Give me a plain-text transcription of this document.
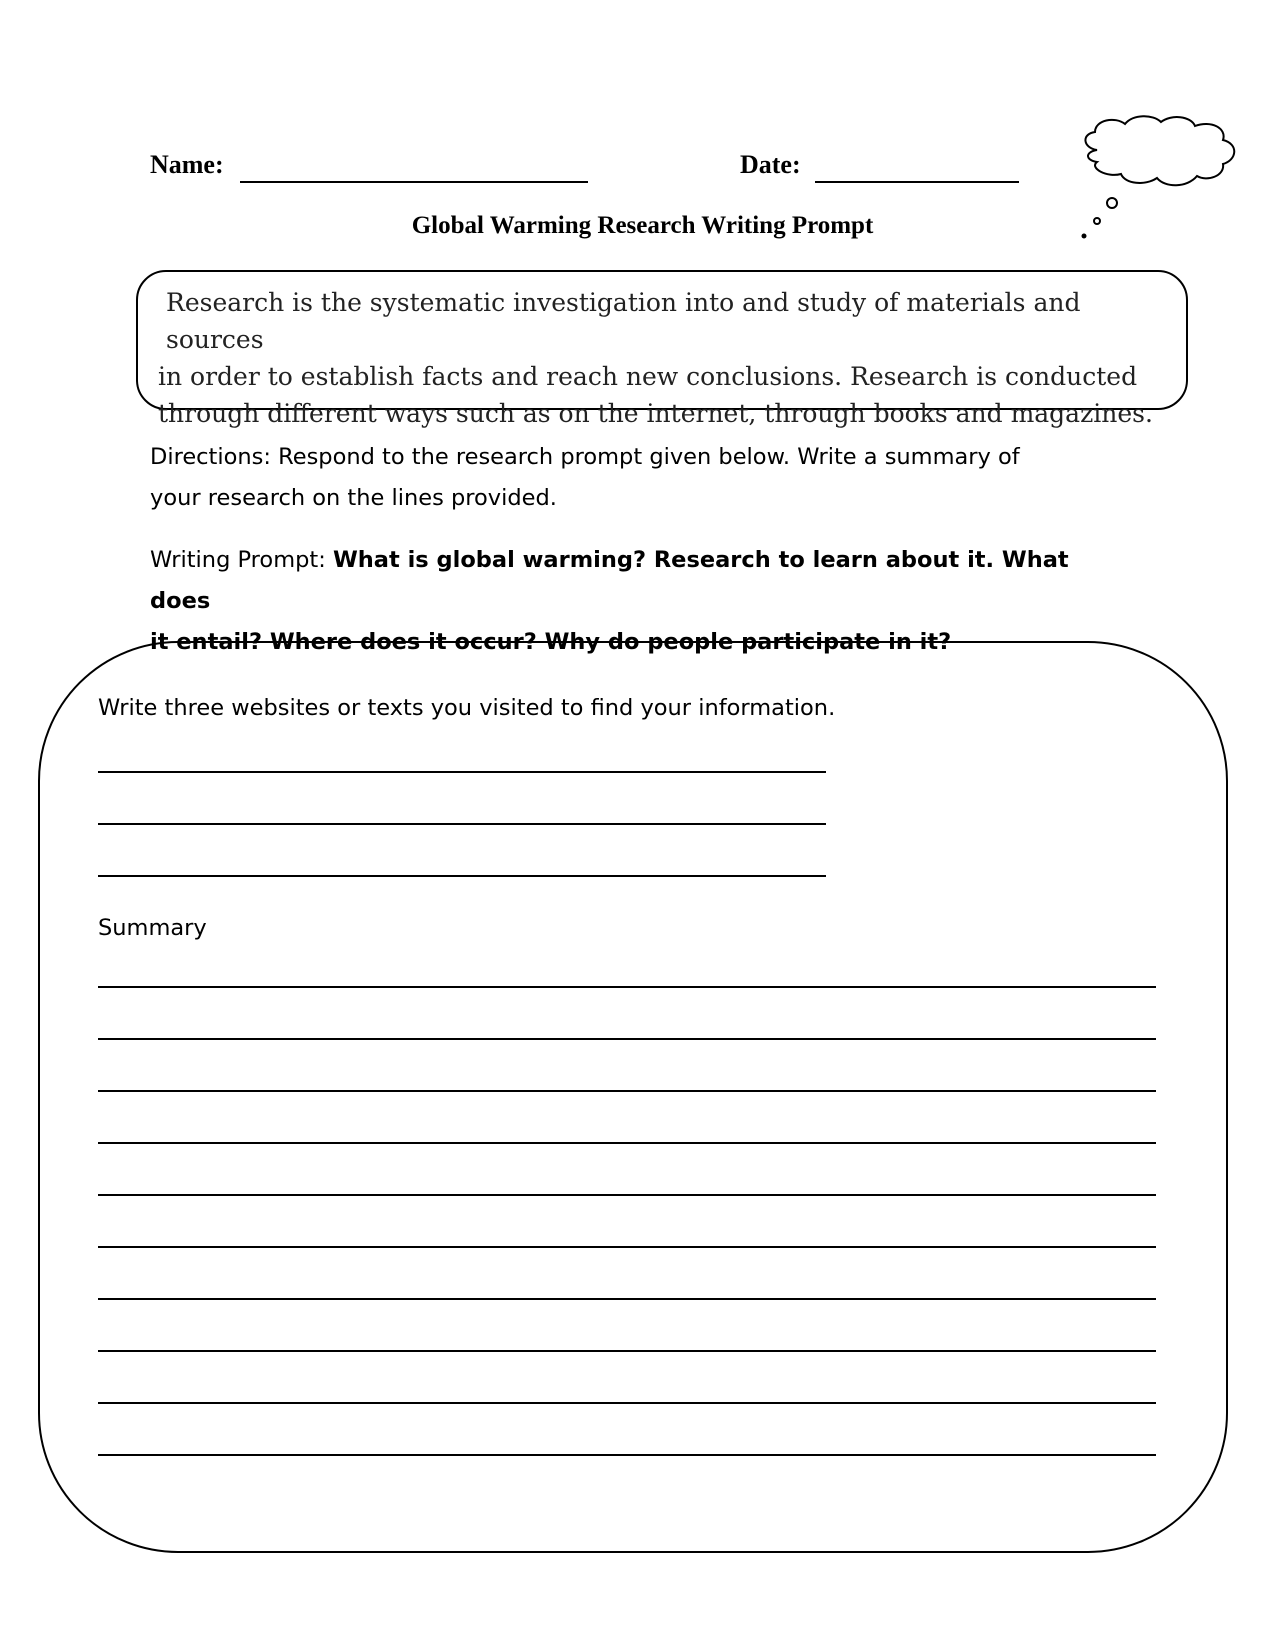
Name:	Date:
Global Warming Research Writing Prompt
Research is the systematic investigation into and study of materials and sources
in order to establish facts and reach new conclusions. Research is conducted
through different ways such as on the internet, through books and magazines.
Directions: Respond to the research prompt given below. Write a summary of
your research on the lines provided.
Writing Prompt: What is global warming? Research to learn about it. What does
it entail? Where does it occur? Why do people participate in it?
Write three websites or texts you visited to find your information.
Summary
